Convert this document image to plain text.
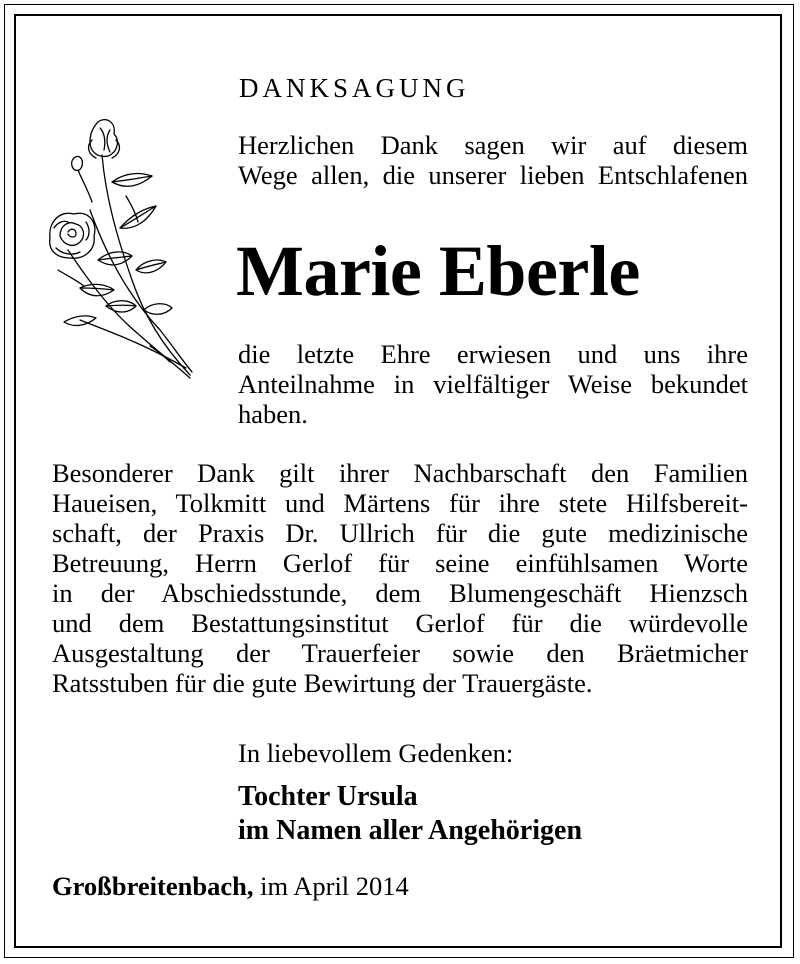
DANKSAGUNG
Herzlichen Dank sagen wir auf diesem
Wege allen, die unserer lieben Entschlafenen
Marie Eberle
die letzte Ehre erwiesen und uns ihre
Anteilnahme in vielfältiger Weise bekundet
haben.
Besonderer Dank gilt ihrer Nachbarschaft den Familien
Haueisen, Tolkmitt und Märtens für ihre stete Hilfsbereit-
schaft, der Praxis Dr. Ullrich für die gute medizinische
Betreuung, Herrn Gerlof für seine einfühlsamen Worte
in der Abschiedsstunde, dem Blumengeschäft Hienzsch
und dem Bestattungsinstitut Gerlof für die würdevolle
Ausgestaltung der Trauerfeier sowie den Bräetmicher
Ratsstuben für die gute Bewirtung der Trauergäste.
In liebevollem Gedenken:
Tochter Ursula
im Namen aller Angehörigen
Großbreitenbach, im April 2014
